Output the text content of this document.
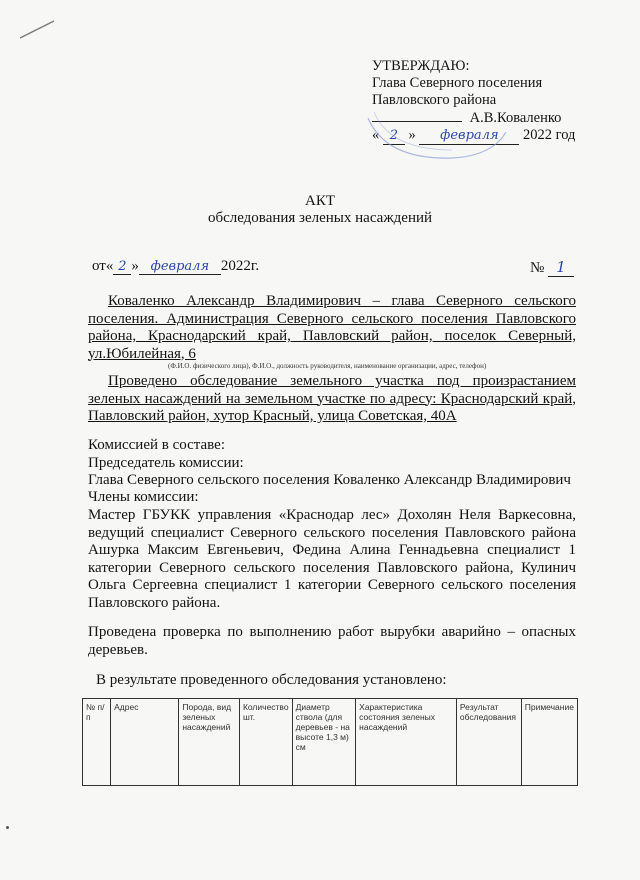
УТВЕРЖДАЮ:
Глава Северного поселения
Павловского района
А.В.Коваленко
« 2 » февраля 2022 год
АКТ
обследования зеленых насаждений
от« 2 » февраля 2022г.	№ 1
Коваленко Александр Владимирович – глава Северного сельского поселения. Администрация Северного сельского поселения Павловского района, Краснодарский край, Павловский район, поселок Северный, ул.Юбилейная, 6
(Ф.И.О. физического лица), Ф.И.О., должность руководителя, наименование организации, адрес, телефон)
Проведено обследование земельного участка под произрастанием зеленых насаждений на земельном участке по адресу: Краснодарский край, Павловский район, хутор Красный, улица Советская, 40А
Комиссией в составе:
Председатель комиссии:
Глава Северного сельского поселения Коваленко Александр Владимирович
Члены комиссии:
Мастер ГБУКК управления «Краснодар лес» Дохолян Неля Варкесовна, ведущий специалист Северного сельского поселения Павловского района Ашурка Максим Евгеньевич, Федина Алина Геннадьевна специалист 1 категории Северного сельского поселения Павловского района, Кулинич Ольга Сергеевна специалист 1 категории Северного сельского поселения Павловского района.
Проведена проверка по выполнению работ вырубки аварийно – опасных деревьев.
В результате проведенного обследования установлено:
№ п/п	Адрес	Порода, вид зеленых насаждений	Количество шт.	Диаметр ствола (для деревьев - на высоте 1,3 м) см	Характеристика состояния зеленых насаждений	Результат обследования	Примечание
